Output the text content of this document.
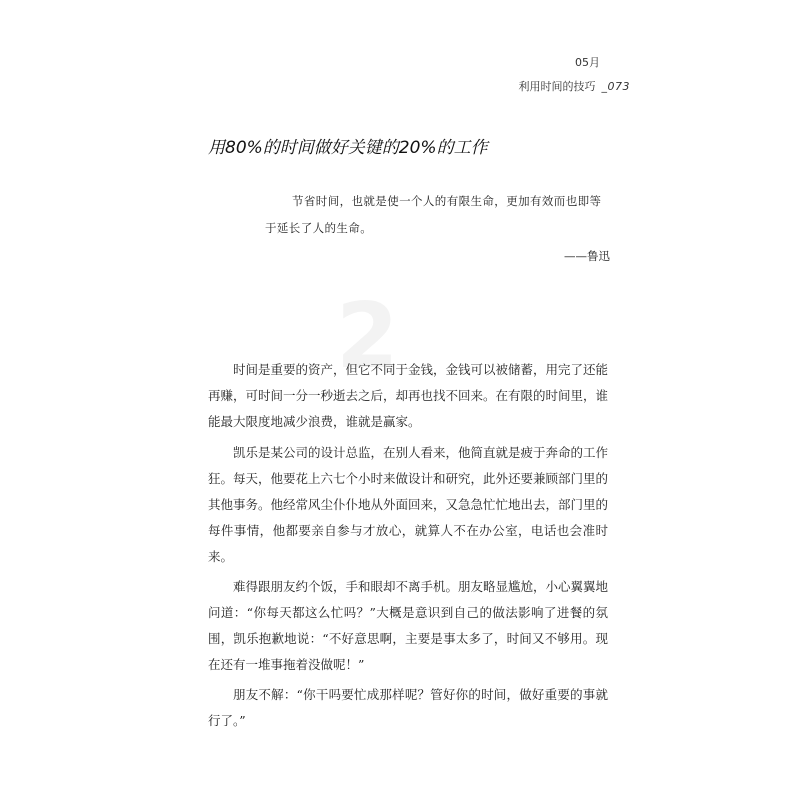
05月
利用时间的技巧 _073
2
用80%的时间做好关键的20%的工作
节省时间，也就是使一个人的有限生命，更加有效而也即等于延长了人的生命。
——鲁迅

时间是重要的资产，但它不同于金钱，金钱可以被储蓄，用完了还能再赚，可时间一分一秒逝去之后，却再也找不回来。在有限的时间里，谁能最大限度地减少浪费，谁就是赢家。

凯乐是某公司的设计总监，在别人看来，他简直就是疲于奔命的工作狂。每天，他要花上六七个小时来做设计和研究，此外还要兼顾部门里的其他事务。他经常风尘仆仆地从外面回来，又急急忙忙地出去，部门里的每件事情，他都要亲自参与才放心，就算人不在办公室，电话也会准时来。

难得跟朋友约个饭，手和眼却不离手机。朋友略显尴尬，小心翼翼地问道：“你每天都这么忙吗？”大概是意识到自己的做法影响了进餐的氛围，凯乐抱歉地说：“不好意思啊，主要是事太多了，时间又不够用。现在还有一堆事拖着没做呢！”

朋友不解：“你干吗要忙成那样呢？管好你的时间，做好重要的事就行了。”
